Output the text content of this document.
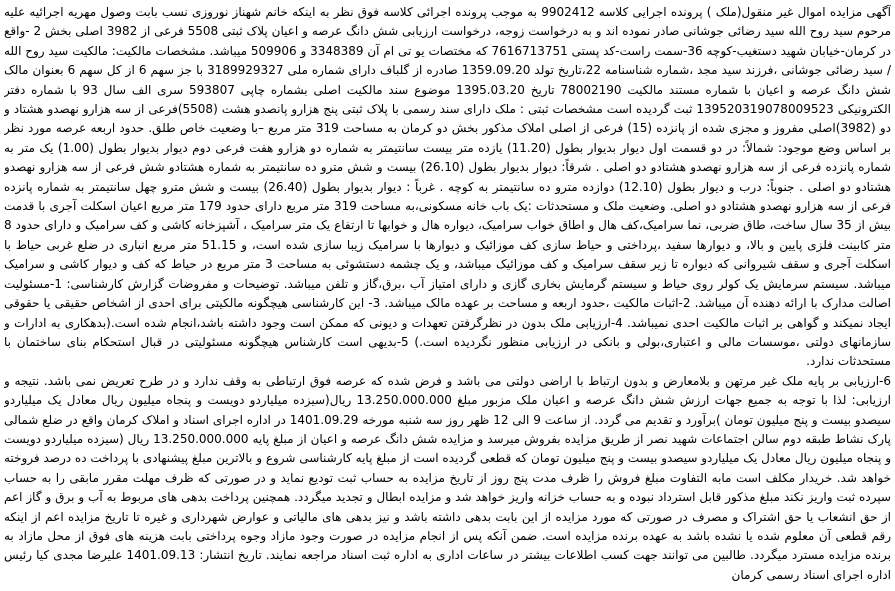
آگهی مزایده اموال غیر منقول(ملک ) پرونده اجرایی کلاسه 9902412 به موجب پرونده اجرائی کلاسه فوق نظر به اینکه خانم شهناز نوروزی نسب بابت وصول مهریه اجرائیه علیه مرحوم سید روح الله سید رضائی جوشانی صادر نموده اند و به درخواست زوجه، درخواست ارزیابی شش دانگ عرصه و اعیان پلاک ثبتی 5508 فرعی از 3982 اصلی بخش 2 -واقع در کرمان-خیابان شهید دستغیب-کوچه 36-سمت راست-کد پستی 7616713751 که مختصات یو تی ام آن 3348389 و 509906 میباشد. مشخصات مالکیت: مالکیت سید روح الله / سید رضائی جوشانی ،فرزند سید مجد ،شماره شناسنامه 22،تاریخ تولد 1359.09.20 صادره از گلباف دارای شماره ملی 3189929327 با جز سهم 6 از کل سهم 6 بعنوان مالک شش دانگ عرصه و اعیان با شماره مستند مالکیت 78002190 تاریخ 1395.03.20 موضوع سند مالکیت اصلی بشماره چاپی 593807 سری الف سال 93 با شماره دفتر الکترونیکی 139520319078009523 ثبت گردیده است مشخصات ثبتی : ملک دارای سند رسمی با پلاک ثبتی پنج هزارو پانصدو هشت (5508)فرعی از سه هزارو نهصدو هشتاد و دو (3982)اصلی مفروز و مجزی شده از پانزده (15) فرعی از اصلی املاک مذکور بخش دو کرمان به مساحت 319 متر مربع –با وضعیت خاص طلق. حدود اربعه عرصه مورد نظر بر اساس وضع موجود: شمالاً: در دو قسمت اول دیوار بدیوار بطول (11.20) یازده متر بیست سانتیمتر به شماره دو هزارو هفت فرعی دوم دیوار بدیوار بطول (1.00) یک متر به شماره پانزده فرعی از سه هزارو نهصدو هشتادو دو اصلی . شرقاً: دیوار بدیوار بطول (26.10) بیست و شش مترو ده سانتیمتر به شماره هشتادو شش فرعی از سه هزارو نهصدو هشتادو دو اصلی . جنوباً: درب و دیوار بطول (12.10) دوازده مترو ده سانتیمتر به کوچه . غرباً : دیوار بدیوار بطول (26.40) بیست و شش مترو چهل سانتیمتر به شماره پانزده فرعی از سه هزارو نهصدو هشتادو دو اصلی. وضعیت ملک و مستحدثات :یک باب خانه مسکونی،به مساحت 319 متر مربع دارای حدود 179 متر مربع اعیان اسکلت آجری با قدمت بیش از 35 سال ساخت، طاق ضربی، نما سرامیک،کف هال و اطاق خواب سرامیک، دیواره هال و خوابها تا ارتفاع یک متر سرامیک ، آشپزخانه کاشی و کف سرامیک و دارای حدود 8 متر کابینت فلزی پایین و بالا، و دیوارها سفید ،پرداختی و حیاط سازی کف موزائیک و دیوارها با سرامیک زیبا سازی شده است، و 51.15 متر مربع انباری در ضلع غربی حیاط با اسکلت آجری و سقف شیروانی که دیواره تا زیر سقف سرامیک و کف موزائیک میباشد، و یک چشمه دستشوئی به مساحت 3 متر مربع در حیاط که کف و دیوار کاشی و سرامیک میباشد. سیستم سرمایش یک کولر روی حیاط و سیستم گرمایش بخاری گازی و دارای امتیاز آب ،برق،گاز و تلفن میباشد. توضیحات و مفروضات گزارش کارشناسی: 1-مسئولیت اصالت مدارک با ارائه دهنده آن میباشد. 2-اثبات مالکیت ،حدود اربعه و مساحت بر عهده مالک میباشد. 3- این کارشناسی هیچگونه مالکیتی برای احدی از اشخاص حقیقی یا حقوقی ایجاد نمیکند و گواهی بر اثبات مالکیت احدی نمیباشد. 4-ارزیابی ملک بدون در نظرگرفتن تعهدات و دیونی که ممکن است وجود داشته باشد،انجام شده است.(بدهکاری به ادارات و سازمانهای دولتی ،موسسات مالی و اعتباری،بولی و بانکی در ارزیابی منظور نگردیده است.) 5-بدیهی است کارشناس هیچگونه مسئولیتی در قبال استحکام بنای ساختمان با مستحدثات ندارد.
6-ارزیابی بر پایه ملک غیر مرتهن و بلامعارض و بدون ارتباط با اراضی دولتی می باشد و فرض شده که عرصه فوق ارتباطی به وقف ندارد و در طرح تعریض نمی باشد. نتیجه و ارزیابی: لذا با توجه به جمیع جهات ارزش شش دانگ عرصه و اعیان ملک مزبور مبلغ 13.250.000.000 ریال(سیزده میلیاردو دویست و پنجاه میلیون ریال معادل یک میلیاردو سیصدو بیست و پنج میلیون تومان )برآورد و تقدیم می گردد. از ساعت 9 الی 12 ظهر روز سه شنبه مورخه 1401.09.29 در اداره اجرای اسناد و املاک کرمان واقع در ضلع شمالی پارک نشاط طبقه دوم سالن اجتماعات شهید نصر از طریق مزایده بفروش میرسد و مزایده شش دانگ عرصه و اعیان از مبلغ پایه 13.250.000.000 ریال (سیزده میلیاردو دویست و پنجاه میلیون ریال معادل یک میلیاردو سیصدو بیست و پنج میلیون تومان که قطعی گردیده است از مبلغ پایه کارشناسی شروع و بالاترین مبلغ پیشنهادی با پرداخت ده درصد فروخته خواهد شد. خریدار مکلف است مابه التفاوت مبلغ فروش را ظرف مدت پنج روز از تاریخ مزایده به حساب ثبت تودیع نماید و در صورتی که ظرف مهلت مقرر مابقی را به حساب سپرده ثبت واریز نکند مبلغ مذکور قابل استرداد نبوده و به حساب خزانه واریز خواهد شد و مزایده ابطال و تجدید میگردد. همچنین پرداخت بدهی های مربوط به آب و برق و گاز اعم از حق انشعاب یا حق اشتراک و مصرف در صورتی که مورد مزایده از این بابت بدهی داشته باشد و نیز بدهی های مالیاتی و عوارض شهرداری و غیره تا تاریخ مزایده اعم از اینکه رقم قطعی آن معلوم شده یا نشده باشد به عهده برنده مزایده است. ضمن آنکه پس از انجام مزایده در صورت وجود مازاد وجوه پرداختی بابت هزینه های فوق از محل مازاد به برنده مزایده مسترد میگردد. طالبین می توانند جهت کسب اطلاعات بیشتر در ساعات اداری به اداره ثبت اسناد مراجعه نمایند. تاریخ انتشار: 1401.09.13 علیرضا مجدی کیا رئیس اداره اجرای اسناد رسمی کرمان
